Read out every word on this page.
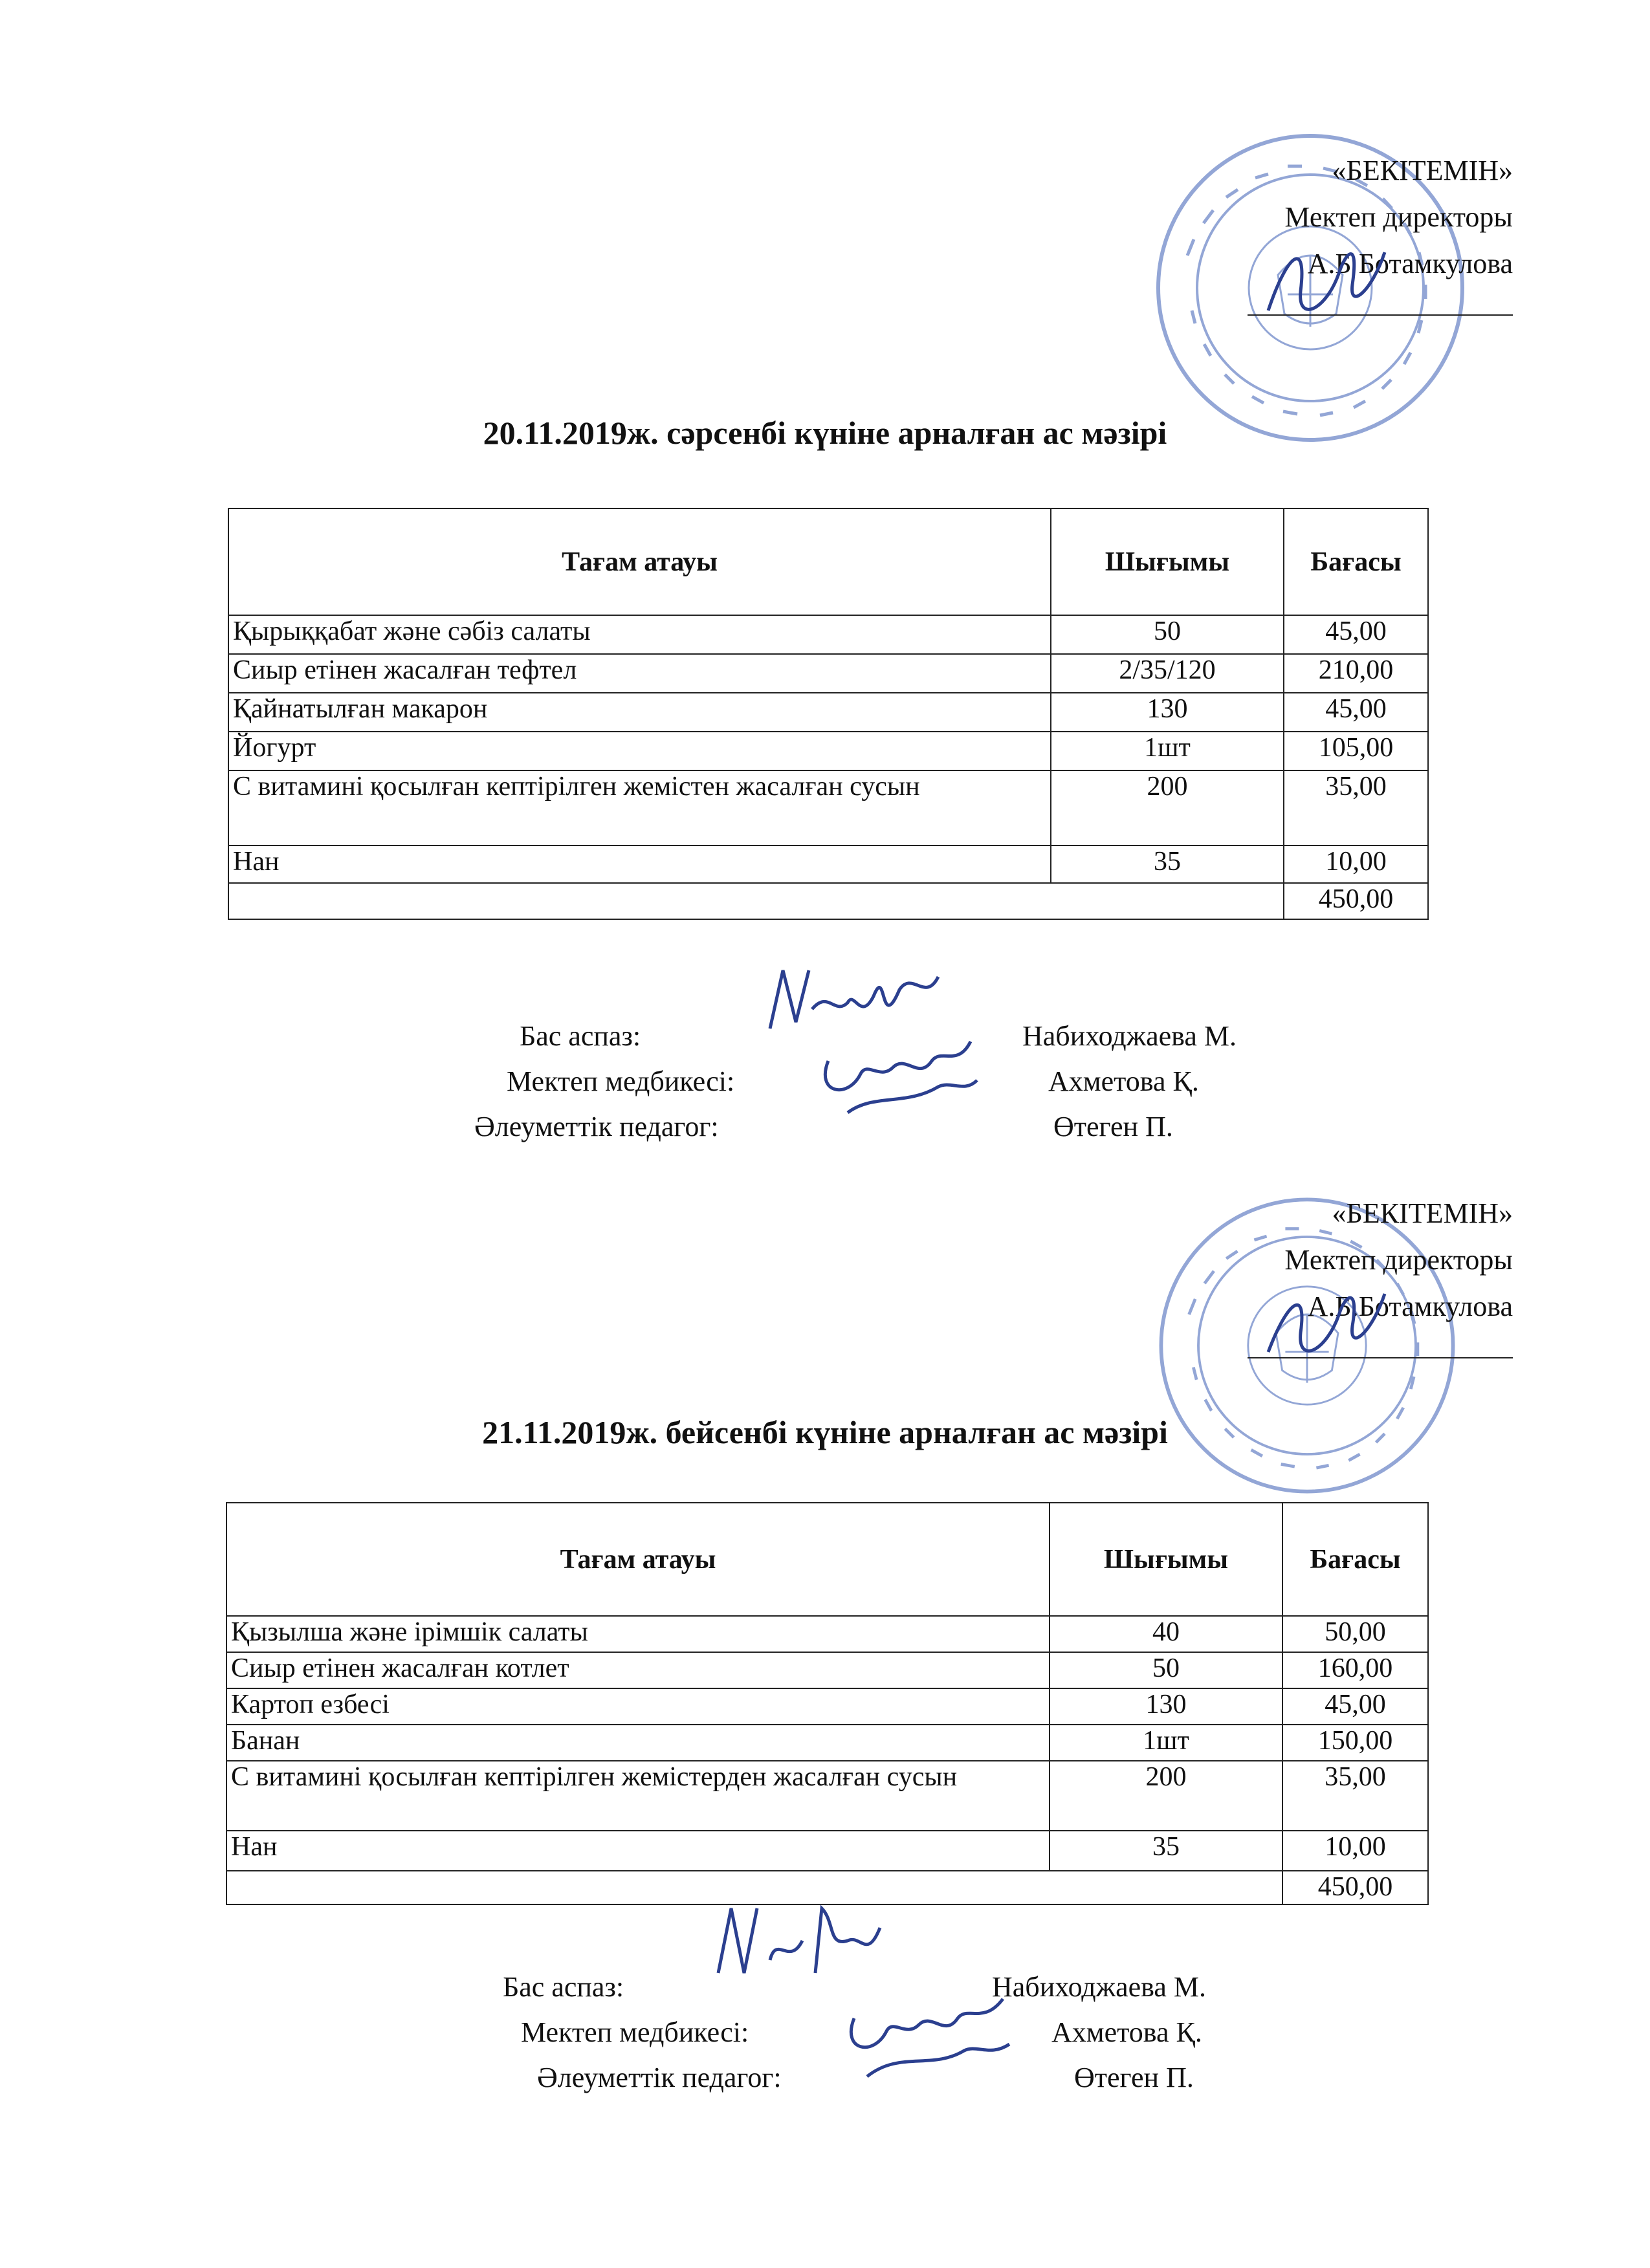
«БЕКІТЕМІН»
Мектеп директоры
А.Б Ботамкулова
20.11.2019ж. сәрсенбі күніне арналған ас мәзірі
Тағам атауы	Шығымы	Бағасы
Қырыққабат және сәбіз салаты	50	45,00
Сиыр етінен жасалған тефтел	2/35/120	210,00
Қайнатылған макарон	130	45,00
Йогурт	1шт	105,00
С витамині қосылған кептірілген жемістен жасалған сусын	200	35,00
Нан	35	10,00
		450,00
Бас аспаз:	Набиходжаева М.
Мектеп медбикесі:	Ахметова Қ.
Әлеуметтік педагог:	Өтеген П.
«БЕКІТЕМІН»
Мектеп директоры
А.Б.Ботамкулова
21.11.2019ж. бейсенбі күніне арналған ас мәзірі
Тағам атауы	Шығымы	Бағасы
Қызылша және ірімшік салаты	40	50,00
Сиыр етінен жасалған котлет	50	160,00
Картоп езбесі	130	45,00
Банан	1шт	150,00
С витамині қосылған кептірілген жемістерден жасалған сусын	200	35,00
Нан	35	10,00
		450,00
Бас аспаз:	Набиходжаева М.
Мектеп медбикесі:	Ахметова Қ.
Әлеуметтік педагог:	Өтеген П.
